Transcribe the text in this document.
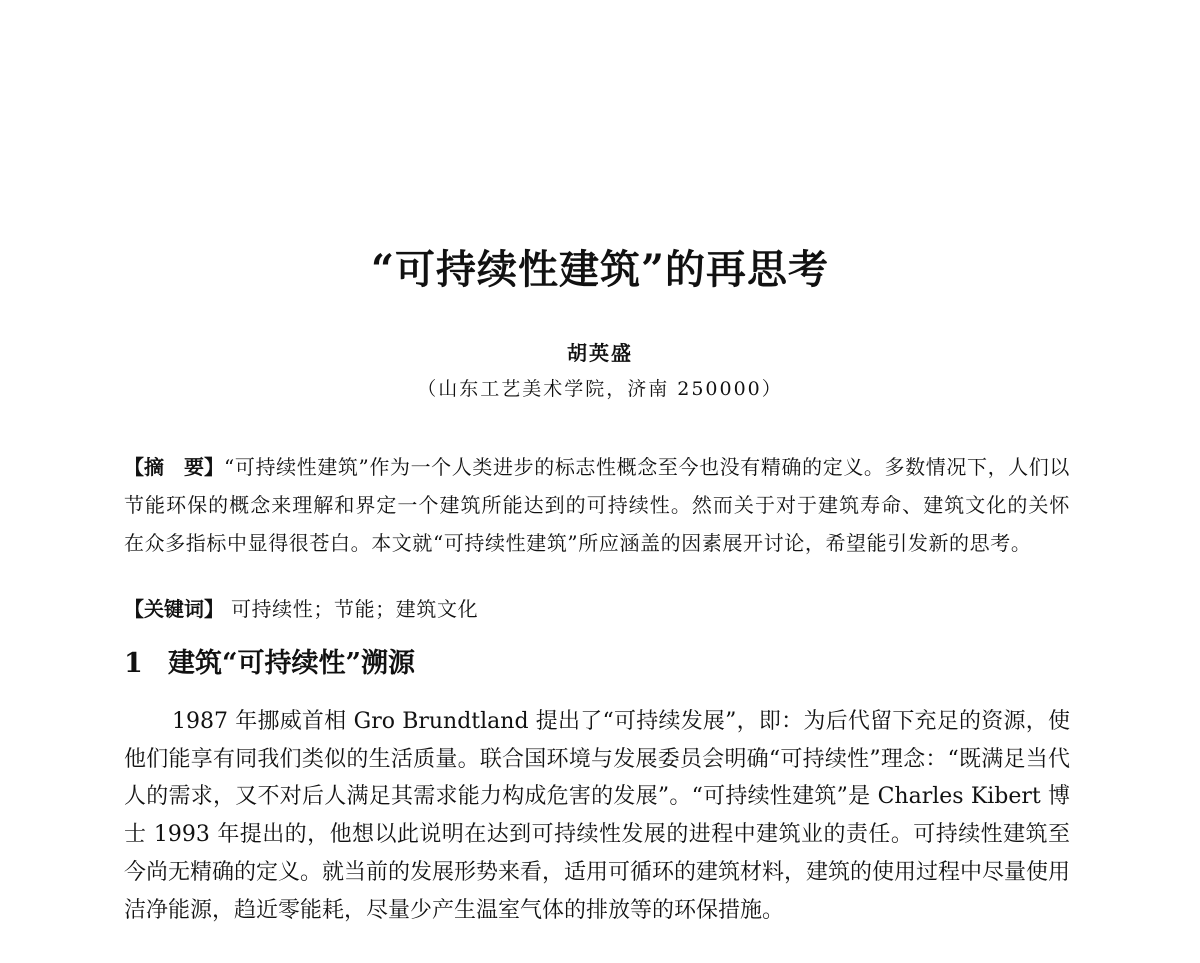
“可持续性建筑”的再思考
胡英盛
（山东工艺美术学院，济南 250000）
【摘　要】“可持续性建筑”作为一个人类进步的标志性概念至今也没有精确的定义。多数情况下，人们以节能环保的概念来理解和界定一个建筑所能达到的可持续性。然而关于对于建筑寿命、建筑文化的关怀在众多指标中显得很苍白。本文就“可持续性建筑”所应涵盖的因素展开讨论，希望能引发新的思考。
【关键词】 可持续性；节能；建筑文化
1 建筑“可持续性”溯源
1987 年挪威首相 Gro Brundtland 提出了“可持续发展”，即：为后代留下充足的资源，使他们能享有同我们类似的生活质量。联合国环境与发展委员会明确“可持续性”理念：“既满足当代人的需求，又不对后人满足其需求能力构成危害的发展”。“可持续性建筑”是 Charles Kibert 博士 1993 年提出的，他想以此说明在达到可持续性发展的进程中建筑业的责任。可持续性建筑至今尚无精确的定义。就当前的发展形势来看，适用可循环的建筑材料，建筑的使用过程中尽量使用洁净能源，趋近零能耗，尽量少产生温室气体的排放等的环保措施。
